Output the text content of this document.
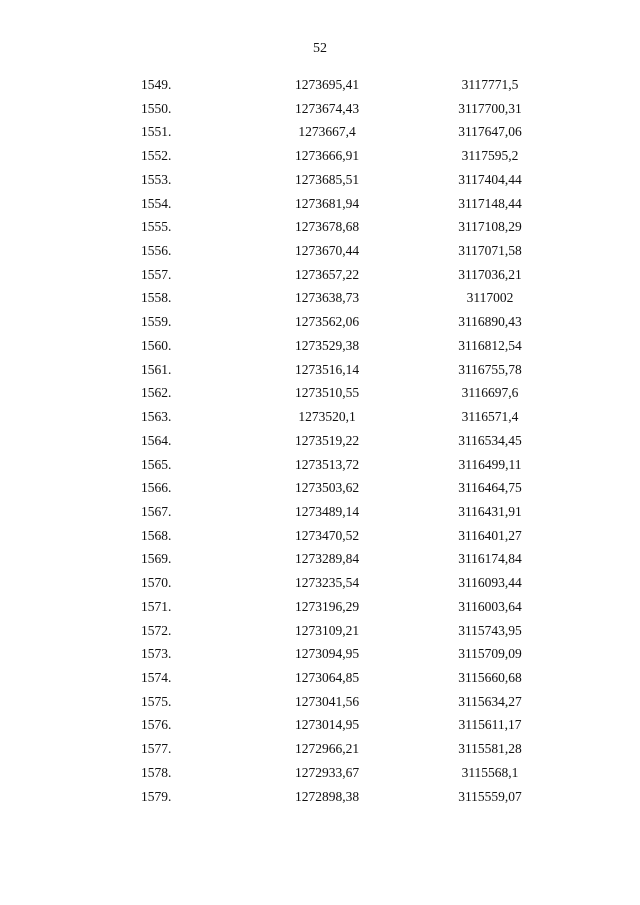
52
1549.	1273695,41	3117771,5
1550.	1273674,43	3117700,31
1551.	1273667,4	3117647,06
1552.	1273666,91	3117595,2
1553.	1273685,51	3117404,44
1554.	1273681,94	3117148,44
1555.	1273678,68	3117108,29
1556.	1273670,44	3117071,58
1557.	1273657,22	3117036,21
1558.	1273638,73	3117002
1559.	1273562,06	3116890,43
1560.	1273529,38	3116812,54
1561.	1273516,14	3116755,78
1562.	1273510,55	3116697,6
1563.	1273520,1	3116571,4
1564.	1273519,22	3116534,45
1565.	1273513,72	3116499,11
1566.	1273503,62	3116464,75
1567.	1273489,14	3116431,91
1568.	1273470,52	3116401,27
1569.	1273289,84	3116174,84
1570.	1273235,54	3116093,44
1571.	1273196,29	3116003,64
1572.	1273109,21	3115743,95
1573.	1273094,95	3115709,09
1574.	1273064,85	3115660,68
1575.	1273041,56	3115634,27
1576.	1273014,95	3115611,17
1577.	1272966,21	3115581,28
1578.	1272933,67	3115568,1
1579.	1272898,38	3115559,07
